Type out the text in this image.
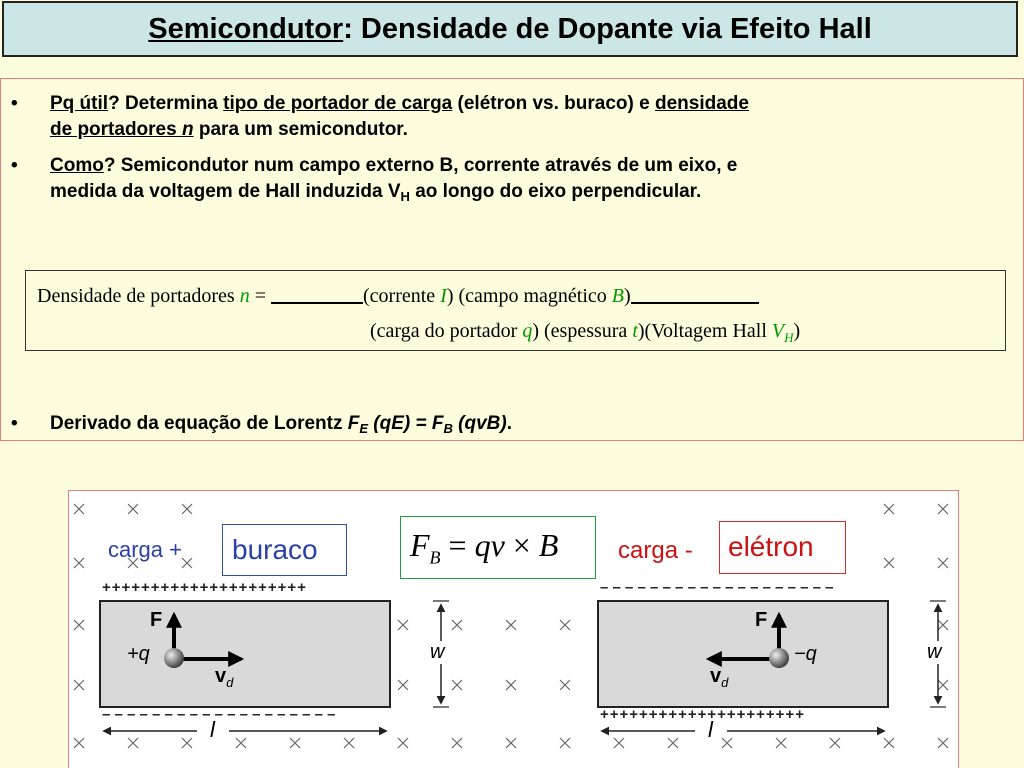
Semicondutor: Densidade de Dopante via Efeito Hall
• Pq útil? Determina tipo de portador de carga (elétron vs. buraco) e densidade
de portadores n para um semicondutor.
• Como? Semicondutor num campo externo B, corrente através de um eixo, e
medida da voltagem de Hall induzida $V_H$ ao longo do eixo perpendicular.
Densidade de portadores n =	(corrente I) (campo magnético B)
(carga do portador q) (espessura t)(Voltagem Hall $V_H$)
• Derivado da equação de Lorentz $F_E$ $(qE) = F_B$ (qvB).
carga + buraco	$F_B$ = qv × B carga - elétron
+++++++++++++++++++++
– – – – – – – – – – – – – – – – – – –
– – – – – – – – – – – – – – – – – – –
+++++++++++++++++++++
F	F
+q	−q
$v_d$	$v_d$
w	w
l	l
